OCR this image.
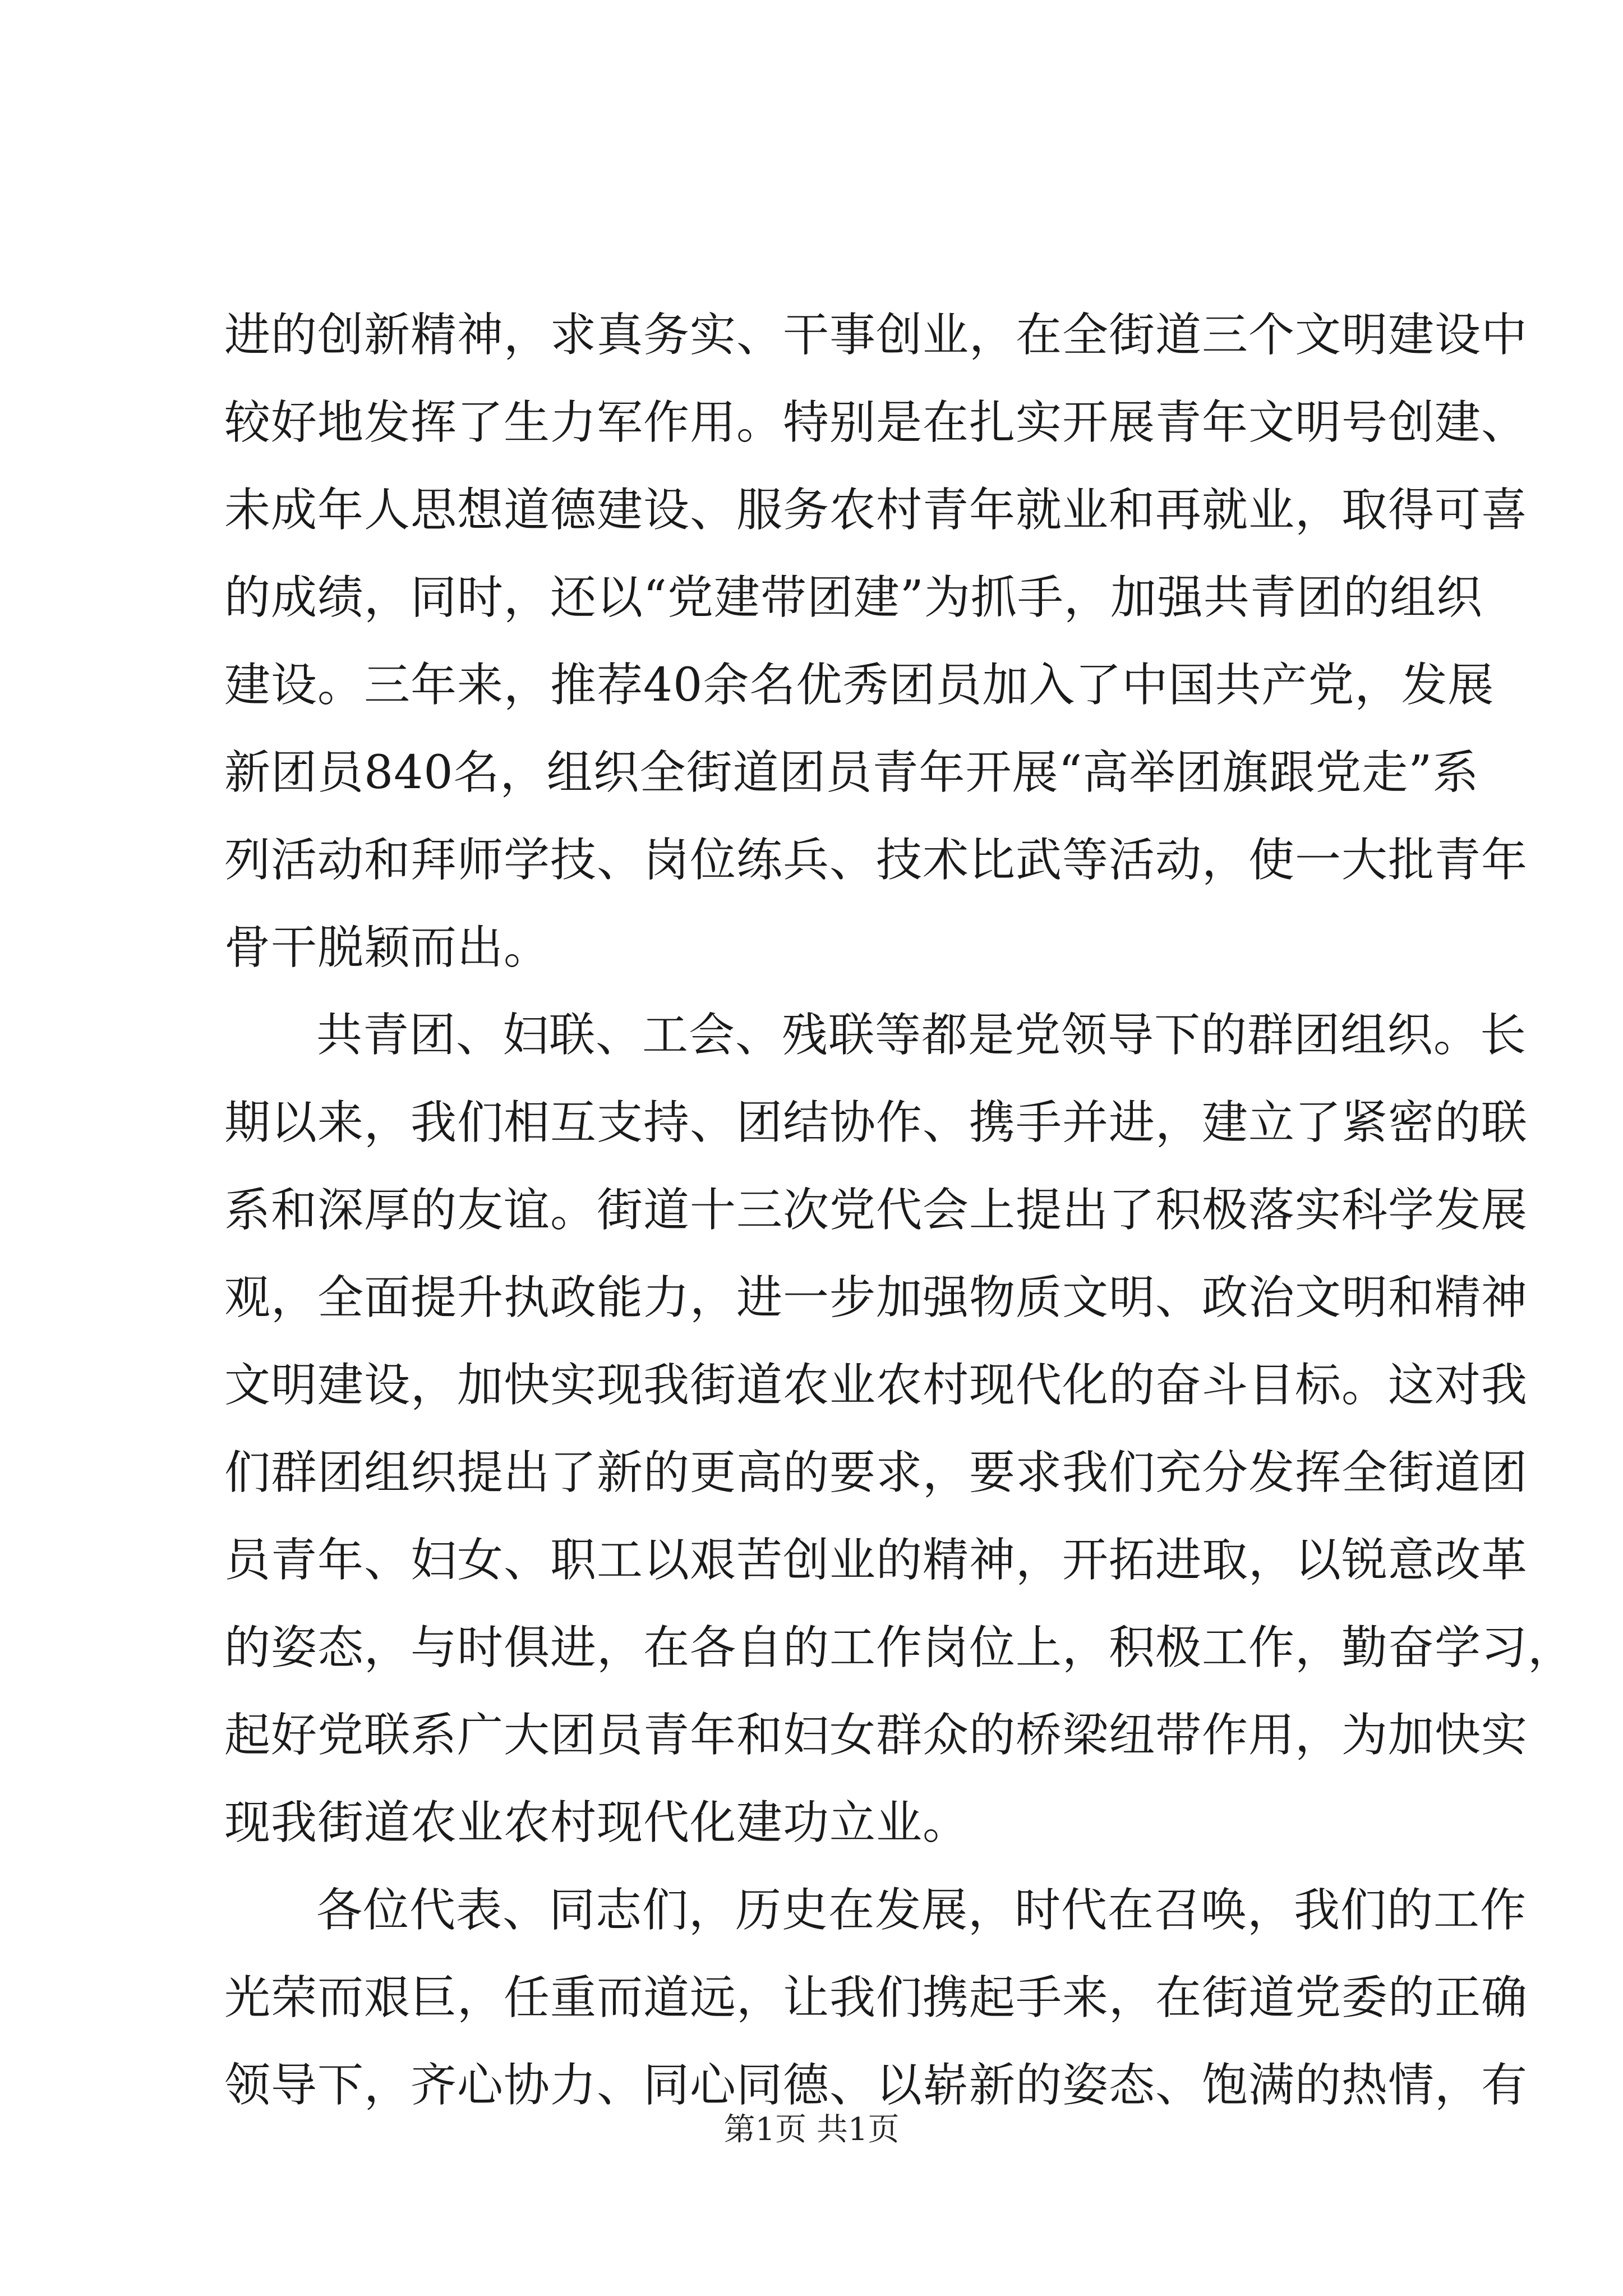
进的创新精神，求真务实、干事创业，在全街道三个文明建设中
较好地发挥了生力军作用。特别是在扎实开展青年文明号创建、
未成年人思想道德建设、服务农村青年就业和再就业，取得可喜
的成绩，同时，还以“党建带团建”为抓手，加强共青团的组织
建设。三年来，推荐40余名优秀团员加入了中国共产党，发展
新团员840名，组织全街道团员青年开展“高举团旗跟党走”系
列活动和拜师学技、岗位练兵、技术比武等活动，使一大批青年
骨干脱颖而出。
共青团、妇联、工会、残联等都是党领导下的群团组织。长
期以来，我们相互支持、团结协作、携手并进，建立了紧密的联
系和深厚的友谊。街道十三次党代会上提出了积极落实科学发展
观，全面提升执政能力，进一步加强物质文明、政治文明和精神
文明建设，加快实现我街道农业农村现代化的奋斗目标。这对我
们群团组织提出了新的更高的要求，要求我们充分发挥全街道团
员青年、妇女、职工以艰苦创业的精神，开拓进取，以锐意改革
的姿态，与时俱进，在各自的工作岗位上，积极工作，勤奋学习，
起好党联系广大团员青年和妇女群众的桥梁纽带作用，为加快实
现我街道农业农村现代化建功立业。
各位代表、同志们，历史在发展，时代在召唤，我们的工作
光荣而艰巨，任重而道远，让我们携起手来，在街道党委的正确
领导下，齐心协力、同心同德、以崭新的姿态、饱满的热情，有
第1页 共1页
